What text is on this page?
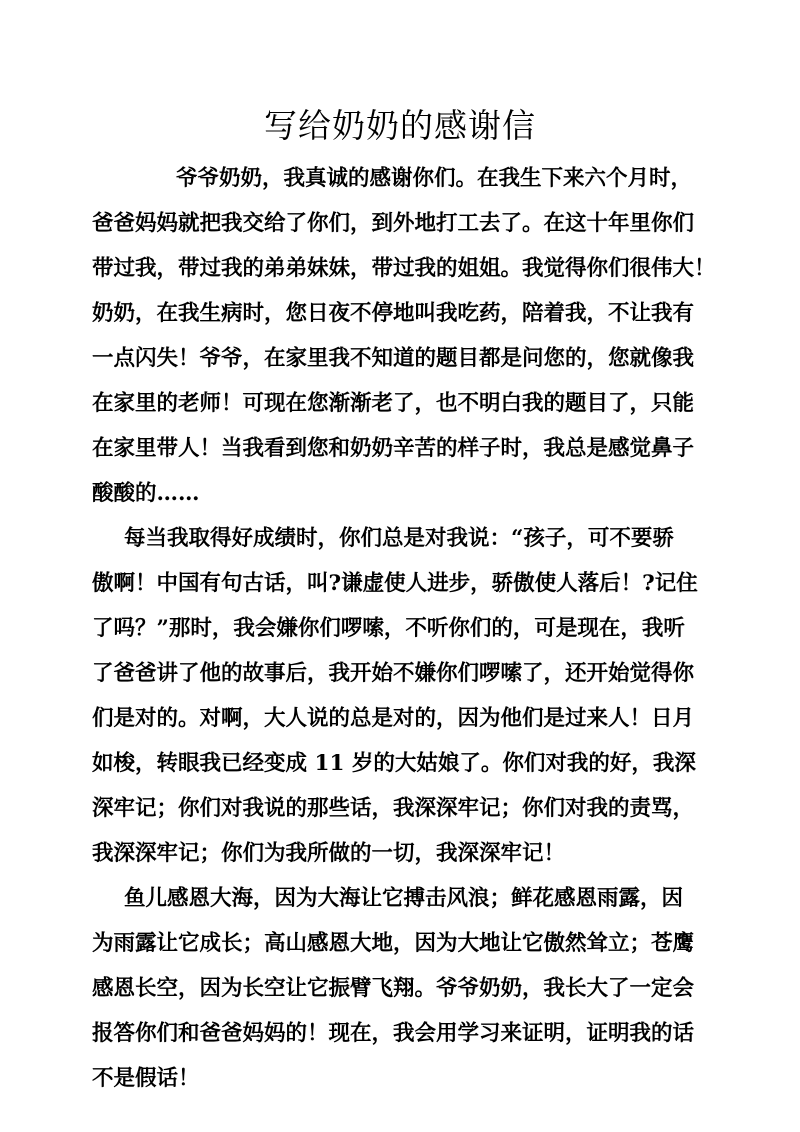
写给奶奶的感谢信
爷爷奶奶，我真诚的感谢你们。在我生下来六个月时，
爸爸妈妈就把我交给了你们，到外地打工去了。在这十年里你们
带过我，带过我的弟弟妹妹，带过我的姐姐。我觉得你们很伟大！
奶奶，在我生病时，您日夜不停地叫我吃药，陪着我，不让我有
一点闪失！爷爷，在家里我不知道的题目都是问您的，您就像我
在家里的老师！可现在您渐渐老了，也不明白我的题目了，只能
在家里带人！当我看到您和奶奶辛苦的样子时，我总是感觉鼻子
酸酸的……
每当我取得好成绩时，你们总是对我说：“孩子，可不要骄
傲啊！中国有句古话，叫?谦虚使人进步，骄傲使人落后！?记住
了吗？”那时，我会嫌你们啰嗦，不听你们的，可是现在，我听
了爸爸讲了他的故事后，我开始不嫌你们啰嗦了，还开始觉得你
们是对的。对啊，大人说的总是对的，因为他们是过来人！日月
如梭，转眼我已经变成 11 岁的大姑娘了。你们对我的好，我深
深牢记；你们对我说的那些话，我深深牢记；你们对我的责骂，
我深深牢记；你们为我所做的一切，我深深牢记！
鱼儿感恩大海，因为大海让它搏击风浪；鲜花感恩雨露，因
为雨露让它成长；高山感恩大地，因为大地让它傲然耸立；苍鹰
感恩长空，因为长空让它振臂飞翔。爷爷奶奶，我长大了一定会
报答你们和爸爸妈妈的！现在，我会用学习来证明，证明我的话
不是假话！
